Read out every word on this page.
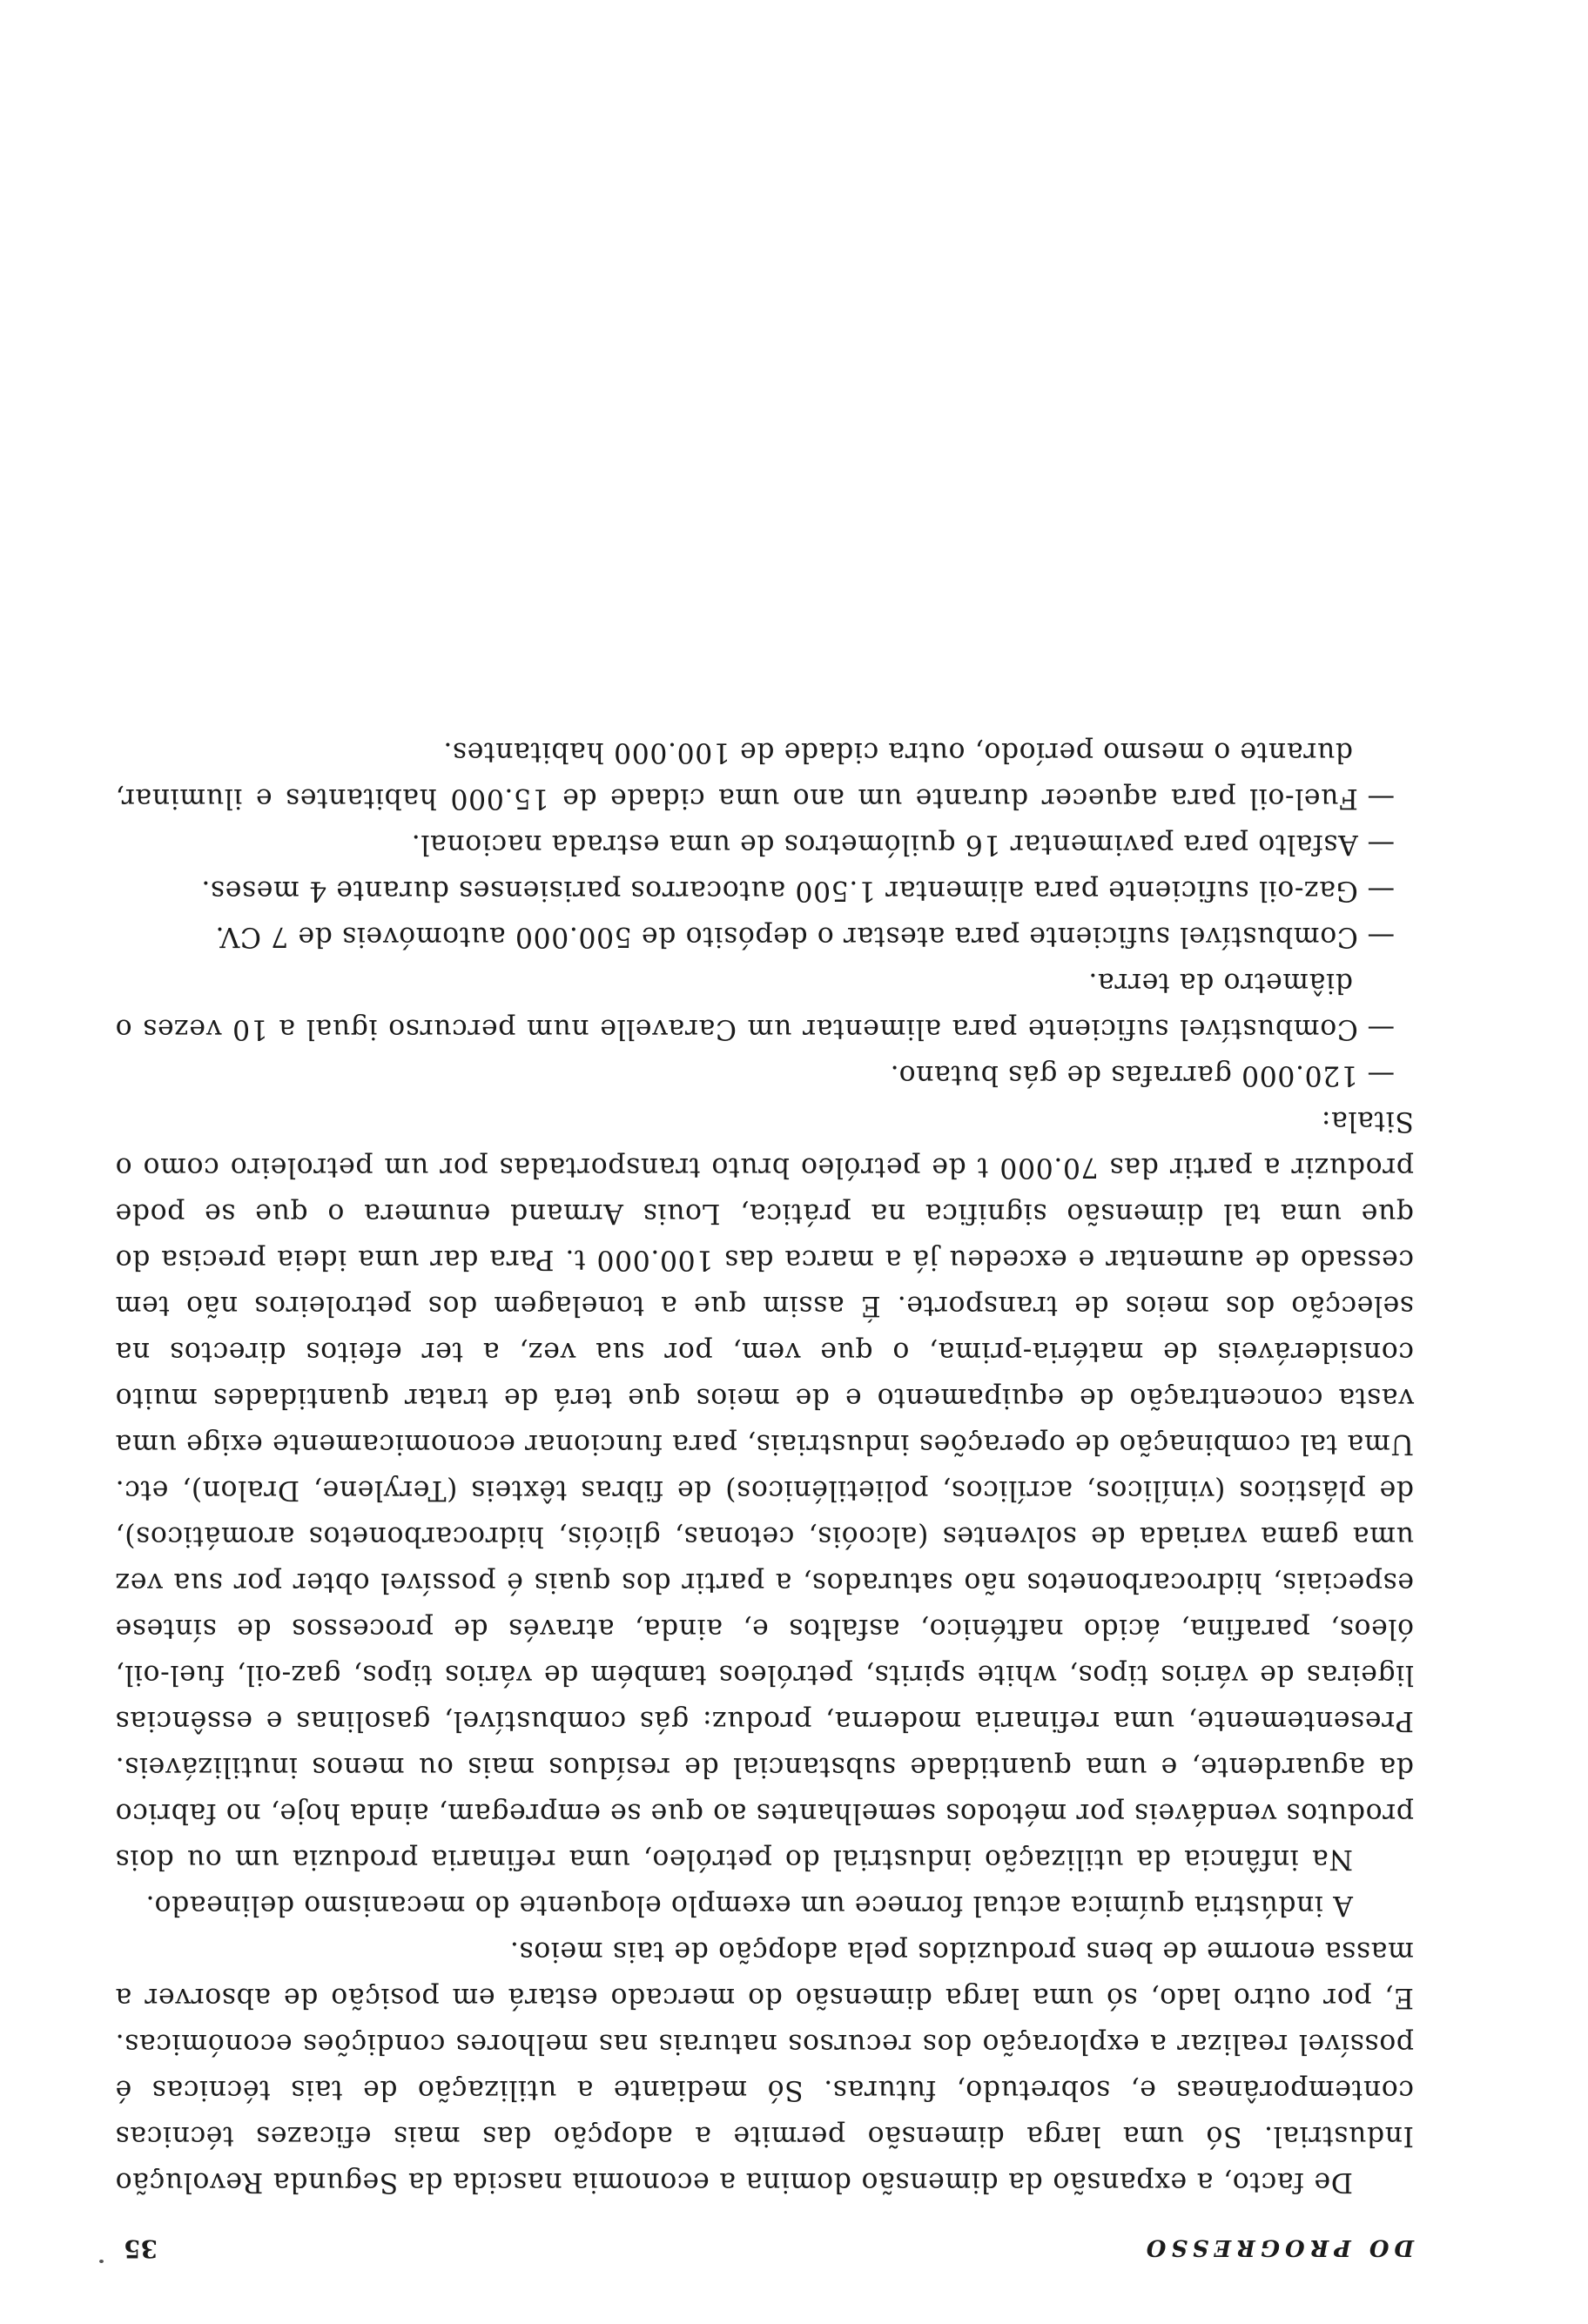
DO PROGRESSO
35

De facto, a expansão da dimensão domina a economia nascida da Segunda Revolução Industrial. Só uma larga dimensão permite a adopção das mais eficazes técnicas contemporâneas e, sobretudo, futuras. Só mediante a utilização de tais técnicas é possível realizar a exploração dos recursos naturais nas melhores condições económicas. E, por outro lado, só uma larga dimensão do mercado estará em posição de absorver a massa enorme de bens produzidos pela adopção de tais meios.

A indústria química actual fornece um exemplo eloquente do mecanismo delineado.

Na infância da utilização industrial do petróleo, uma refinaria produzia um ou dois produtos vendáveis por métodos semelhantes ao que se empregam, ainda hoje, no fabrico da aguardente, e uma quantidade substancial de resíduos mais ou menos inutilizáveis. Presentemente, uma refinaria moderna, produz: gás combustível, gasolinas e essências ligeiras de vários tipos, white spirits, petróleos também de vários tipos, gaz-oil, fuel-oil, óleos, parafina, ácido nafténico, asfaltos e, ainda, através de processos de síntese especiais, hidrocarbonetos não saturados, a partir dos quais é possível obter por sua vez uma gama variada de solventes (alcoóis, cetonas, glicóis, hidrocarbonetos aromáticos), de plásticos (vinílicos, acrílicos, polietilénicos) de fibras têxteis (Terylene, Dralon), etc. Uma tal combinação de operações industriais, para funcionar economicamente exige uma vasta concentração de equipamento e de meios que terá de tratar quantidades muito consideráveis de matéria-prima, o que vem, por sua vez, a ter efeitos directos na selecção dos meios de transporte. É assim que a tonelagem dos petroleiros não tem cessado de aumentar e excedeu já a marca das 100.000 t. Para dar uma ideia precisa do que uma tal dimensão significa na prática, Louis Armand enumera o que se pode produzir a partir das 70.000 t de petróleo bruto transportadas por um petroleiro como o Sitala:

—120.000 garrafas de gás butano.
—Combustível suficiente para alimentar um Caravelle num percurso igual a 10 vezes o diâmetro da terra.
—Combustível suficiente para atestar o depósito de 500.000 automóveis de 7 CV.
—Gaz-oil suficiente para alimentar 1.500 autocarros parisienses durante 4 meses.
—Asfalto para pavimentar 16 quilómetros de uma estrada nacional.
—Fuel-oil para aquecer durante um ano uma cidade de 15.000 habitantes e iluminar, durante o mesmo período, outra cidade de 100.000 habitantes.
